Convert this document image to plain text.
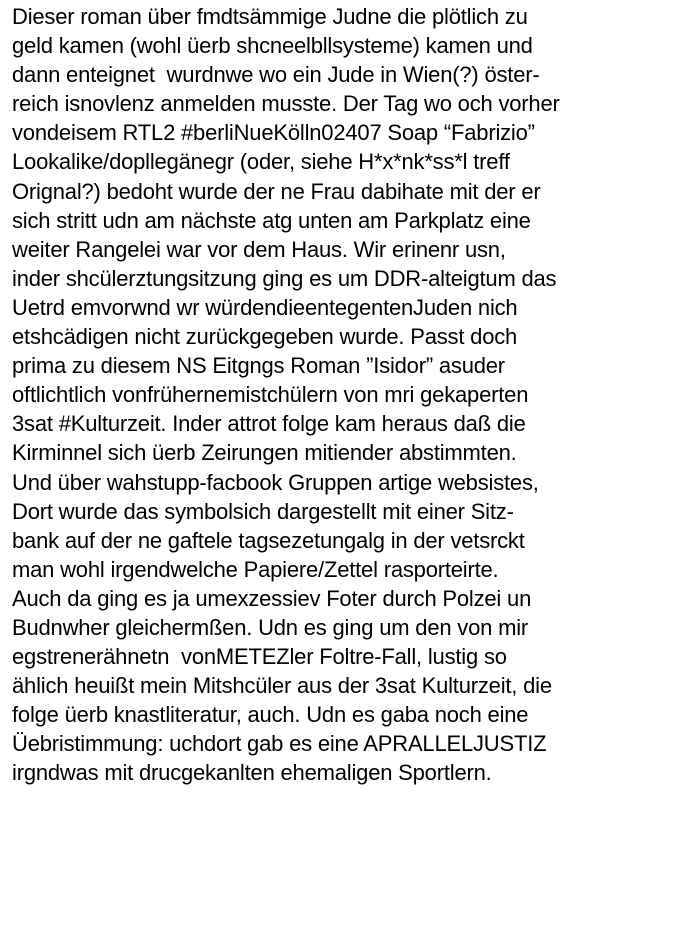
Dieser roman über fmdtsämmige Judne die plötlich zu
geld kamen (wohl üerb shcneelbllsysteme) kamen und
dann enteignet  wurdnwe wo ein Jude in Wien(?) öster-
reich isnovlenz anmelden musste. Der Tag wo och vorher
vondeisem RTL2 #berliNueKölln02407 Soap “Fabrizio”
Lookalike/dopllegänegr (oder, siehe H*x*nk*ss*l treff
Orignal?) bedoht wurde der ne Frau dabihate mit der er
sich stritt udn am nächste atg unten am Parkplatz eine
weiter Rangelei war vor dem Haus. Wir erinenr usn,
inder shcülerztungsitzung ging es um DDR-alteigtum das
Uetrd emvorwnd wr würdendieentegentenJuden nich
etshcädigen nicht zurückgegeben wurde. Passt doch
prima zu diesem NS Eitgngs Roman ”Isidor” asuder
oftlichtlich vonfrühernemistchülern von mri gekaperten
3sat #Kulturzeit. Inder attrot folge kam heraus daß die
Kirminnel sich üerb Zeirungen mitiender abstimmten.
Und über wahstupp-facbook Gruppen artige websistes,
Dort wurde das symbolsich dargestellt mit einer Sitz-
bank auf der ne gaftele tagsezetungalg in der vetsrckt
man wohl irgendwelche Papiere/Zettel rasporteirte.
Auch da ging es ja umexzessiev Foter durch Polzei un
Budnwher gleichermßen. Udn es ging um den von mir
egstrenerähnetn  vonMETEZler Foltre-Fall, lustig so
ählich heuißt mein Mitshcüler aus der 3sat Kulturzeit, die
folge üerb knastliteratur, auch. Udn es gaba noch eine
Üebristimmung: uchdort gab es eine APRALLELJUSTIZ
irgndwas mit drucgekanlten ehemaligen Sportlern.
